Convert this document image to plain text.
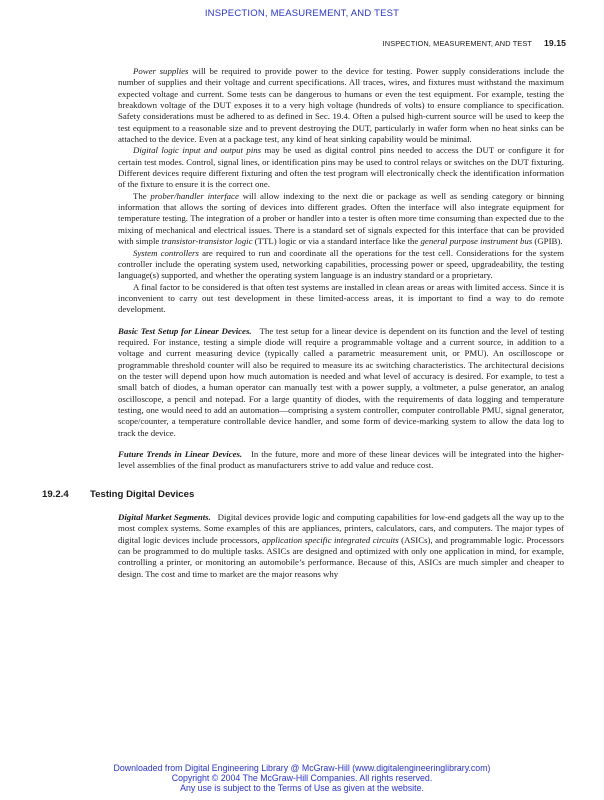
INSPECTION, MEASUREMENT, AND TEST
INSPECTION, MEASUREMENT, AND TEST 19.15

Power supplies will be required to provide power to the device for testing. Power supply considerations include the number of supplies and their voltage and current specifications. All traces, wires, and fixtures must withstand the maximum expected voltage and current. Some tests can be dangerous to humans or even the test equipment. For example, testing the breakdown voltage of the DUT exposes it to a very high voltage (hundreds of volts) to ensure compliance to specification. Safety considerations must be adhered to as defined in Sec. 19.4. Often a pulsed high-current source will be used to keep the test equipment to a reasonable size and to prevent destroying the DUT, particularly in wafer form when no heat sinks can be attached to the device. Even at a package test, any kind of heat sinking capability would be minimal.

Digital logic input and output pins may be used as digital control pins needed to access the DUT or configure it for certain test modes. Control, signal lines, or identification pins may be used to control relays or switches on the DUT fixturing. Different devices require different fixturing and often the test program will electronically check the identification information of the fixture to ensure it is the correct one.

The prober/handler interface will allow indexing to the next die or package as well as sending category or binning information that allows the sorting of devices into different grades. Often the interface will also integrate equipment for temperature testing. The integration of a prober or handler into a tester is often more time consuming than expected due to the mixing of mechanical and electrical issues. There is a standard set of signals expected for this interface that can be provided with simple transistor-transistor logic (TTL) logic or via a standard interface like the general purpose instrument bus (GPIB).

System controllers are required to run and coordinate all the operations for the test cell. Considerations for the system controller include the operating system used, networking capabilities, processing power or speed, upgradeability, the testing language(s) supported, and whether the operating system language is an industry standard or a proprietary.

A final factor to be considered is that often test systems are installed in clean areas or areas with limited access. Since it is inconvenient to carry out test development in these limited-access areas, it is important to find a way to do remote development.

Basic Test Setup for Linear Devices. The test setup for a linear device is dependent on its function and the level of testing required. For instance, testing a simple diode will require a programmable voltage and a current source, in addition to a voltage and current measuring device (typically called a parametric measurement unit, or PMU). An oscilloscope or programmable threshold counter will also be required to measure its ac switching characteristics. The architectural decisions on the tester will depend upon how much automation is needed and what level of accuracy is desired. For example, to test a small batch of diodes, a human operator can manually test with a power supply, a voltmeter, a pulse generator, an analog oscilloscope, a pencil and notepad. For a large quantity of diodes, with the requirements of data logging and temperature testing, one would need to add an automation—comprising a system controller, computer controllable PMU, signal generator, scope/counter, a temperature controllable device handler, and some form of device-marking system to allow the data log to track the device.

Future Trends in Linear Devices. In the future, more and more of these linear devices will be integrated into the higher-level assemblies of the final product as manufacturers strive to add value and reduce cost.

19.2.4 Testing Digital Devices

Digital Market Segments. Digital devices provide logic and computing capabilities for low-end gadgets all the way up to the most complex systems. Some examples of this are appliances, printers, calculators, cars, and computers. The major types of digital logic devices include processors, application specific integrated circuits (ASICs), and programmable logic. Processors can be programmed to do multiple tasks. ASICs are designed and optimized with only one application in mind, for example, controlling a printer, or monitoring an automobile’s performance. Because of this, ASICs are much simpler and cheaper to design. The cost and time to market are the major reasons why

Downloaded from Digital Engineering Library @ McGraw-Hill (www.digitalengineeringlibrary.com)
Copyright © 2004 The McGraw-Hill Companies. All rights reserved.
Any use is subject to the Terms of Use as given at the website.
